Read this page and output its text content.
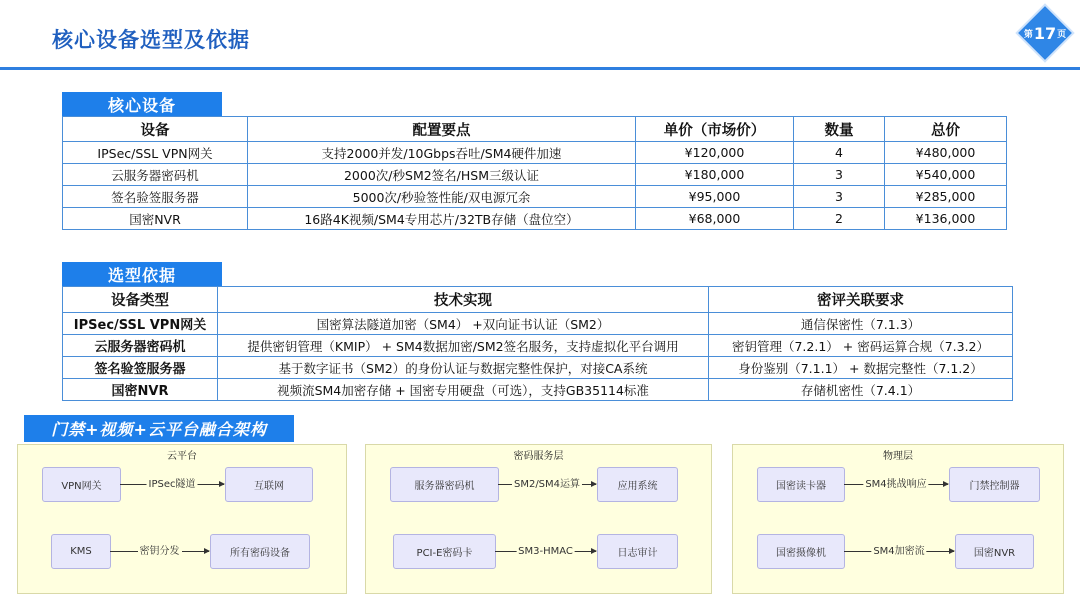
核心设备选型及依据	第 17 页
核心设备
设备	配置要点	单价（市场价）	数量	总价
IPSec/SSL VPN网关	支持2000并发/10Gbps吞吐/SM4硬件加速	¥120,000	4	¥480,000
云服务器密码机	2000次/秒SM2签名/HSM三级认证	¥180,000	3	¥540,000
签名验签服务器	5000次/秒验签性能/双电源冗余	¥95,000	3	¥285,000
国密NVR	16路4K视频/SM4专用芯片/32TB存储（盘位空）	¥68,000	2	¥136,000
选型依据
设备类型	技术实现	密评关联要求
IPSec/SSL VPN网关	国密算法隧道加密（SM4） +双向证书认证（SM2）	通信保密性（7.1.3）
云服务器密码机	提供密钥管理（KMIP） + SM4数据加密/SM2签名服务，支持虚拟化平台调用	密钥管理（7.2.1） + 密码运算合规（7.3.2）
签名验签服务器	基于数字证书（SM2）的身份认证与数据完整性保护，对接CA系统	身份鉴别（7.1.1） + 数据完整性（7.1.2）
国密NVR	视频流SM4加密存储 + 国密专用硬盘（可选），支持GB35114标准	存储机密性（7.4.1）
门禁+视频+云平台融合架构
云平台
VPN网关	IPSec隧道	互联网
KMS	密钥分发	所有密码设备
密码服务层
服务器密码机	SM2/SM4运算	应用系统
PCI-E密码卡	SM3-HMAC	日志审计
物理层
国密读卡器	SM4挑战响应	门禁控制器
国密摄像机	SM4加密流	国密NVR
